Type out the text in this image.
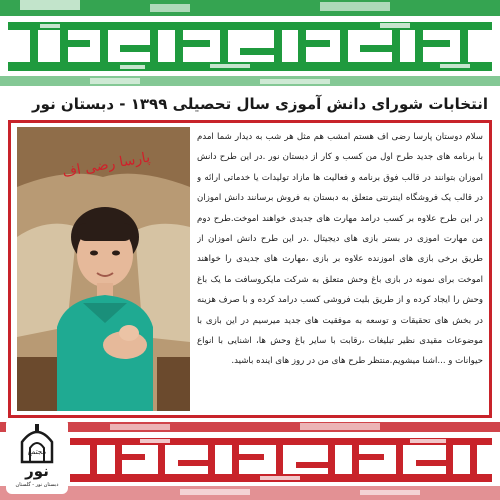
انتخابات شورای دانش آموزی سال تحصیلی ۱۳۹۹ - دبستان نور
پارسا رضی اف
سلام دوستان پارسا رضی اف هستم امشب هم مثل هر شب به دیدار شما امدم با برنامه های جدید طرح اول من کسب و کار از دبستان نور .در این طرح دانش اموزان بتوانند در قالب فوق برنامه و فعالیت ها مازاد تولیدات یا خدماتی ارائه و در قالب یک فروشگاه اینترنتی متعلق به دبستان به فروش برسانند دانش اموزان در این طرح علاوه بر کسب درامد مهارت های جدیدی خواهند اموخت.طرح دوم من مهارت اموزی در بستر بازی های دیجیتال .در این طرح دانش اموزان از طریق برخی بازی های اموزنده علاوه بر بازی ،مهارت های جدیدی را خواهند اموخت برای نمونه در بازی باغ وحش متعلق به شرکت مایکروسافت ما یک باغ وحش را ایجاد کرده و از طریق بلیت فروشی کسب درامد کرده و با صرف هزینه در بخش های تحقیقات و توسعه به موفقیت های جدید میرسیم در این بازی با موضوعات مقیدی نظیر تبلیغات ،رقابت با سایر باغ وحش ها، اشنایی با انواع حیوانات و ...اشنا میشویم.منتظر طرح های من در روز های اینده باشید.
مجتمع
نور
دبستان نور - گلستان
